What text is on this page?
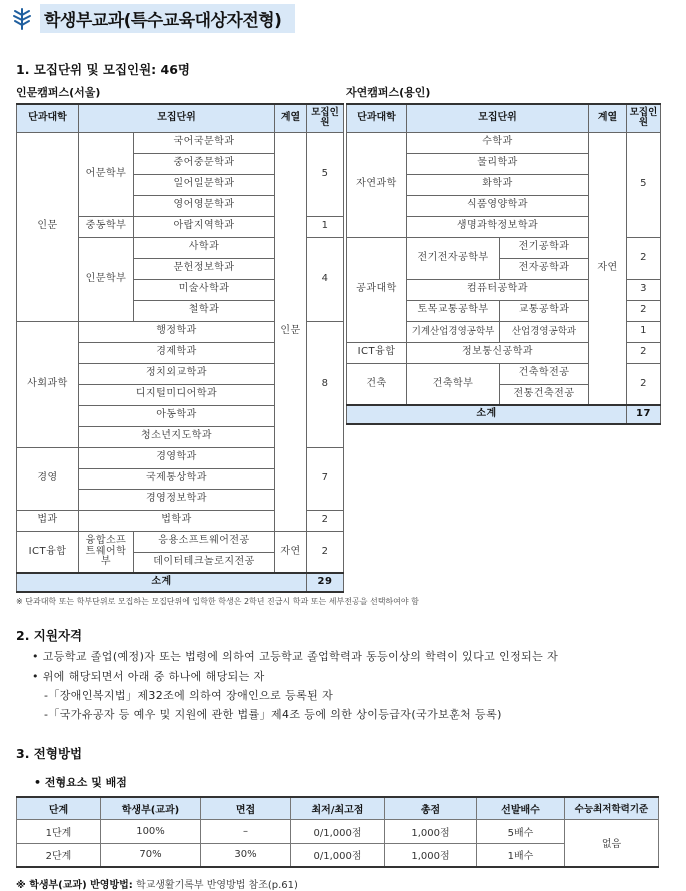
학생부교과(특수교육대상자전형)
1. 모집단위 및 모집인원: 46명
인문캠퍼스(서울)	자연캠퍼스(용인)
단과대학	모집단위		계열	모집인원
인문	어문학부	국어국문학과	인문	5
		중어중문학과		
		일어일문학과		
		영어영문학과		
	중동학부	아랍지역학과		1
	인문학부	사학과		4
		문헌정보학과		
		미술사학과		
		철학과		
사회과학	행정학과			8
	경제학과			
	정치외교학과			
	디지털미디어학과			
	아동학과			
	청소년지도학과			
경영	경영학과			7
	국제통상학과			
	경영정보학과			
법과	법학과			2
ICT융합	융합소프트웨어학부	응용소프트웨어전공	자연	2
		데이터테크놀로지전공		
소계				29
단과대학	모집단위		계열	모집인원
자연과학	수학과		자연	5
	물리학과			
	화학과			
	식품영양학과			
	생명과학정보학과			
공과대학	전기전자공학부	전기공학과		2
		전자공학과		
	컴퓨터공학과			3
	토목교통공학부	교통공학과		2
	기계산업경영공학부	산업경영공학과		1
ICT융합	정보통신공학과			2
건축	건축학부	건축학전공		2
		전통건축전공		
소계				17
※ 단과대학 또는 학부단위로 모집하는 모집단위에 입학한 학생은 2학년 진급시 학과 또는 세부전공을 선택하여야 함
2. 지원자격
• 고등학교 졸업(예정)자 또는 법령에 의하여 고등학교 졸업학력과 동등이상의 학력이 있다고 인정되는 자
• 위에 해당되면서 아래 중 하나에 해당되는 자
-「장애인복지법」제32조에 의하여 장애인으로 등록된 자
-「국가유공자 등 예우 및 지원에 관한 법률」제4조 등에 의한 상이등급자(국가보훈처 등록)
3. 전형방법
• 전형요소 및 배점
단계	학생부(교과)	면접	최저/최고점	총점	선발배수	수능최저학력기준
1단계	100%	–	0/1,000점	1,000점	5배수	없음
2단계	70%	30%	0/1,000점	1,000점	1배수	
※ 학생부(교과) 반영방법: 학교생활기록부 반영방법 참조(p.61)
